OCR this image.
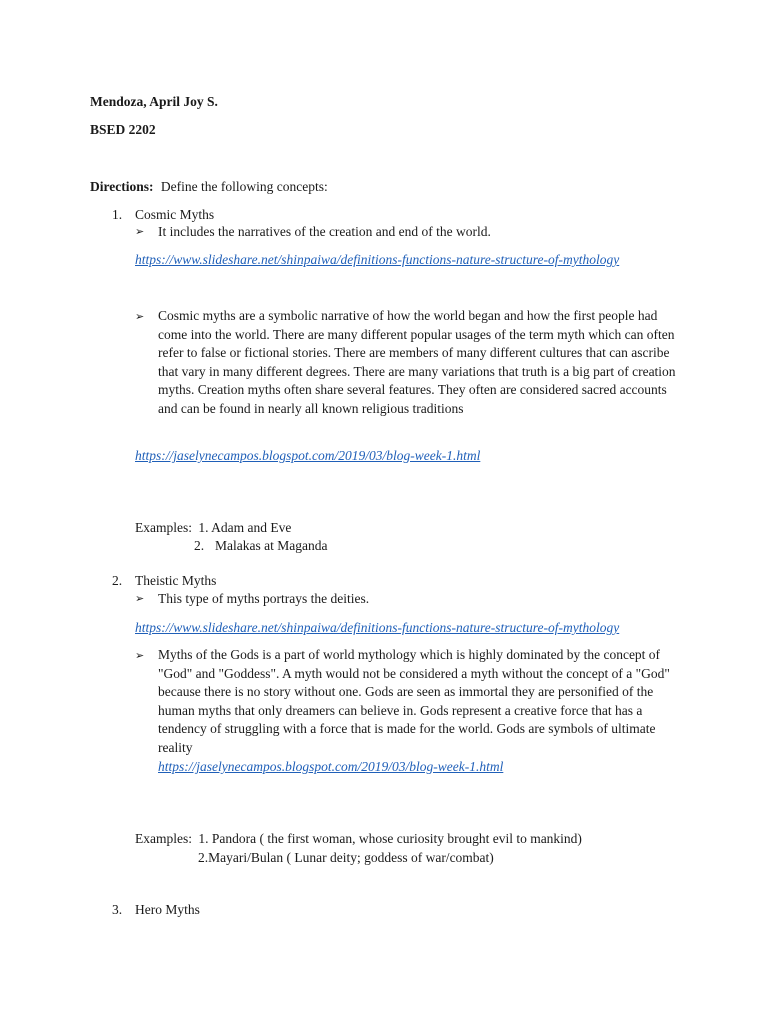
Mendoza, April Joy S.
BSED 2202
Directions: Define the following concepts:
1. Cosmic Myths
➢ It includes the narratives of the creation and end of the world.
https://www.slideshare.net/shinpaiwa/definitions-functions-nature-structure-of-mythology
➢ Cosmic myths are a symbolic narrative of how the world began and how the first people had come into the world. There are many different popular usages of the term myth which can often refer to false or fictional stories. There are members of many different cultures that can ascribe that vary in many different degrees. There are many variations that truth is a big part of creation myths. Creation myths often share several features. They often are considered sacred accounts and can be found in nearly all known religious traditions
https://jaselynecampos.blogspot.com/2019/03/blog-week-1.html
Examples: 1. Adam and Eve
2. Malakas at Maganda
2. Theistic Myths
➢ This type of myths portrays the deities.
https://www.slideshare.net/shinpaiwa/definitions-functions-nature-structure-of-mythology
➢ Myths of the Gods is a part of world mythology which is highly dominated by the concept of "God" and "Goddess". A myth would not be considered a myth without the concept of a "God" because there is no story without one. Gods are seen as immortal they are personified of the human myths that only dreamers can believe in. Gods represent a creative force that has a tendency of struggling with a force that is made for the world. Gods are symbols of ultimate reality
https://jaselynecampos.blogspot.com/2019/03/blog-week-1.html
Examples: 1. Pandora ( the first woman, whose curiosity brought evil to mankind)
2.Mayari/Bulan ( Lunar deity; goddess of war/combat)
3. Hero Myths
